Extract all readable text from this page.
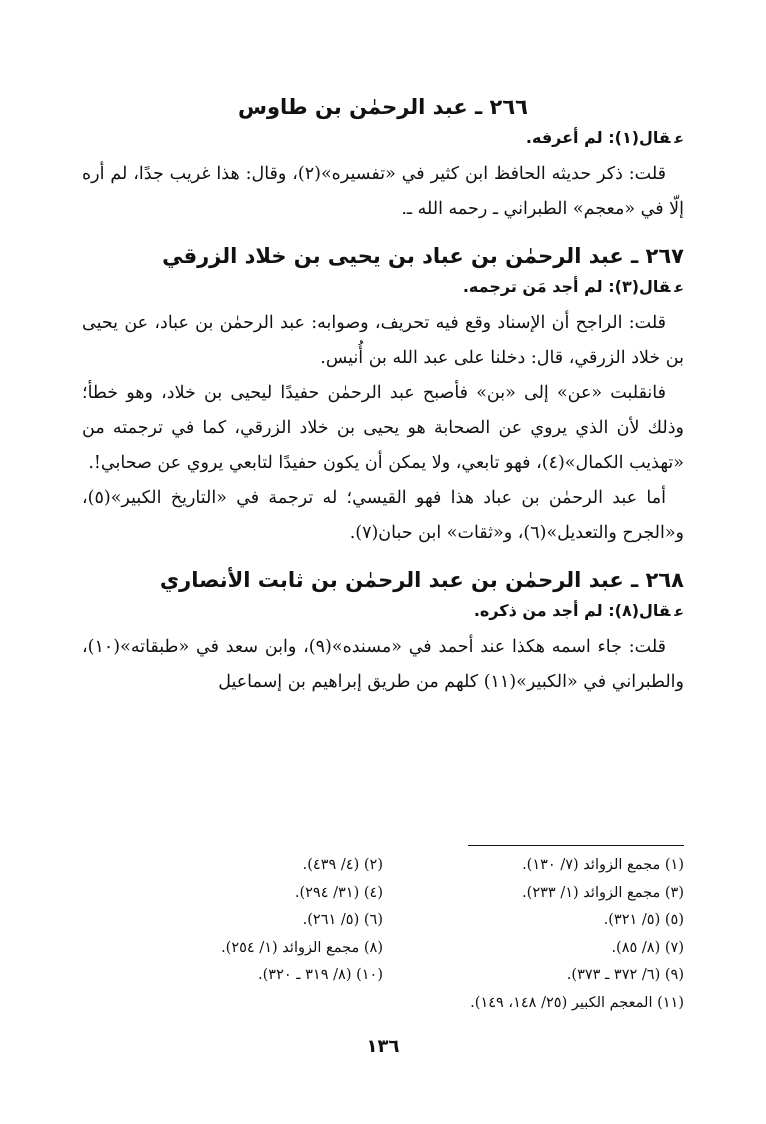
٢٦٦ ـ عبد الرحمٰن بن طاوس
عقال(١): لم أعرفه.

قلت: ذكر حديثه الحافظ ابن كثير في «تفسيره»(٢)، وقال: هذا غريب جدًا، لم أره إلّا في «معجم» الطبراني ـ رحمه الله ـ.

٢٦٧ ـ عبد الرحمٰن بن عباد بن يحيى بن خلاد الزرقي
عقال(٣): لم أجد مَن ترجمه.

قلت: الراجح أن الإسناد وقع فيه تحريف، وصوابه: عبد الرحمٰن بن عباد، عن يحيى بن خلاد الزرقي، قال: دخلنا على عبد الله بن أُنيس.

فانقلبت «عن» إلى «بن» فأصبح عبد الرحمٰن حفيدًا ليحيى بن خلاد، وهو خطأ؛ وذلك لأن الذي يروي عن الصحابة هو يحيى بن خلاد الزرقي، كما في ترجمته من «تهذيب الكمال»(٤)، فهو تابعي، ولا يمكن أن يكون حفيدًا لتابعي يروي عن صحابي!.

أما عبد الرحمٰن بن عباد هذا فهو القيسي؛ له ترجمة في «التاريخ الكبير»(٥)، و«الجرح والتعديل»(٦)، و«ثقات» ابن حبان(٧).

٢٦٨ ـ عبد الرحمٰن بن عبد الرحمٰن بن ثابت الأنصاري
عقال(٨): لم أجد من ذكره.

قلت: جاء اسمه هكذا عند أحمد في «مسنده»(٩)، وابن سعد في «طبقاته»(١٠)، والطبراني في «الكبير»(١١) كلهم من طريق إبراهيم بن إسماعيل

(١) مجمع الزوائد (٧/ ١٣٠).
(٢) (٤/ ٤٣٩).
(٣) مجمع الزوائد (١/ ٢٣٣).
(٤) (٣١/ ٢٩٤).
(٥) (٥/ ٣٢١).
(٦) (٥/ ٢٦١).
(٧) (٨/ ٨٥).
(٨) مجمع الزوائد (١/ ٢٥٤).
(٩) (٦/ ٣٧٢ ـ ٣٧٣).
(١٠) (٨/ ٣١٩ ـ ٣٢٠).
(١١) المعجم الكبير (٢٥/ ١٤٨، ١٤٩).
١٣٦
